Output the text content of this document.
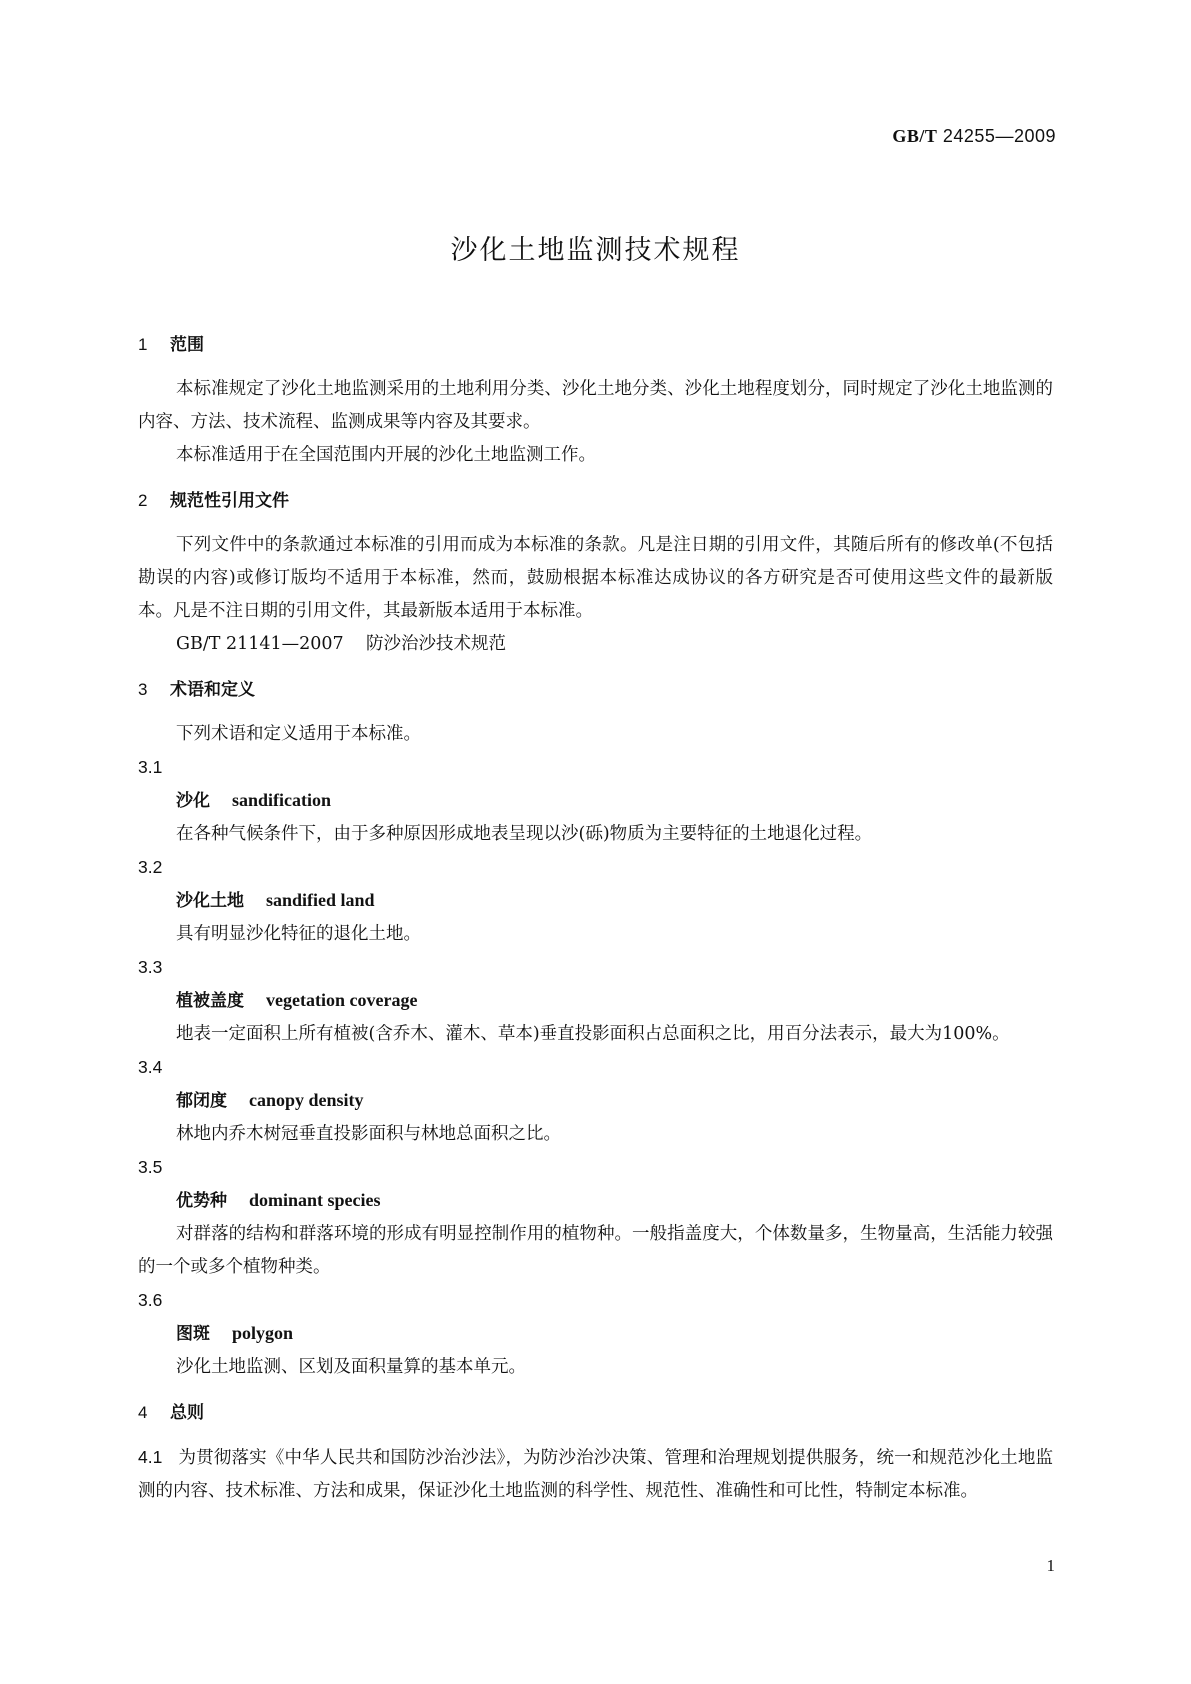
GB/T 24255—2009
沙化土地监测技术规程
1 范围

本标准规定了沙化土地监测采用的土地利用分类、沙化土地分类、沙化土地程度划分，同时规定了沙化土地监测的内容、方法、技术流程、监测成果等内容及其要求。

本标准适用于在全国范围内开展的沙化土地监测工作。

2 规范性引用文件

下列文件中的条款通过本标准的引用而成为本标准的条款。凡是注日期的引用文件，其随后所有的修改单(不包括勘误的内容)或修订版均不适用于本标准，然而，鼓励根据本标准达成协议的各方研究是否可使用这些文件的最新版本。凡是不注日期的引用文件，其最新版本适用于本标准。

GB/T 21141—2007 防沙治沙技术规范

3 术语和定义

下列术语和定义适用于本标准。

3.1

沙化 sandification

在各种气候条件下，由于多种原因形成地表呈现以沙(砾)物质为主要特征的土地退化过程。

3.2

沙化土地 sandified land

具有明显沙化特征的退化土地。

3.3

植被盖度 vegetation coverage

地表一定面积上所有植被(含乔木、灌木、草本)垂直投影面积占总面积之比，用百分法表示，最大为100%。

3.4

郁闭度 canopy density

林地内乔木树冠垂直投影面积与林地总面积之比。

3.5

优势种 dominant species

对群落的结构和群落环境的形成有明显控制作用的植物种。一般指盖度大，个体数量多，生物量高，生活能力较强的一个或多个植物种类。

3.6

图斑 polygon

沙化土地监测、区划及面积量算的基本单元。

4 总则

4.1 为贯彻落实《中华人民共和国防沙治沙法》，为防沙治沙决策、管理和治理规划提供服务，统一和规范沙化土地监测的内容、技术标准、方法和成果，保证沙化土地监测的科学性、规范性、准确性和可比性，特制定本标准。

1
